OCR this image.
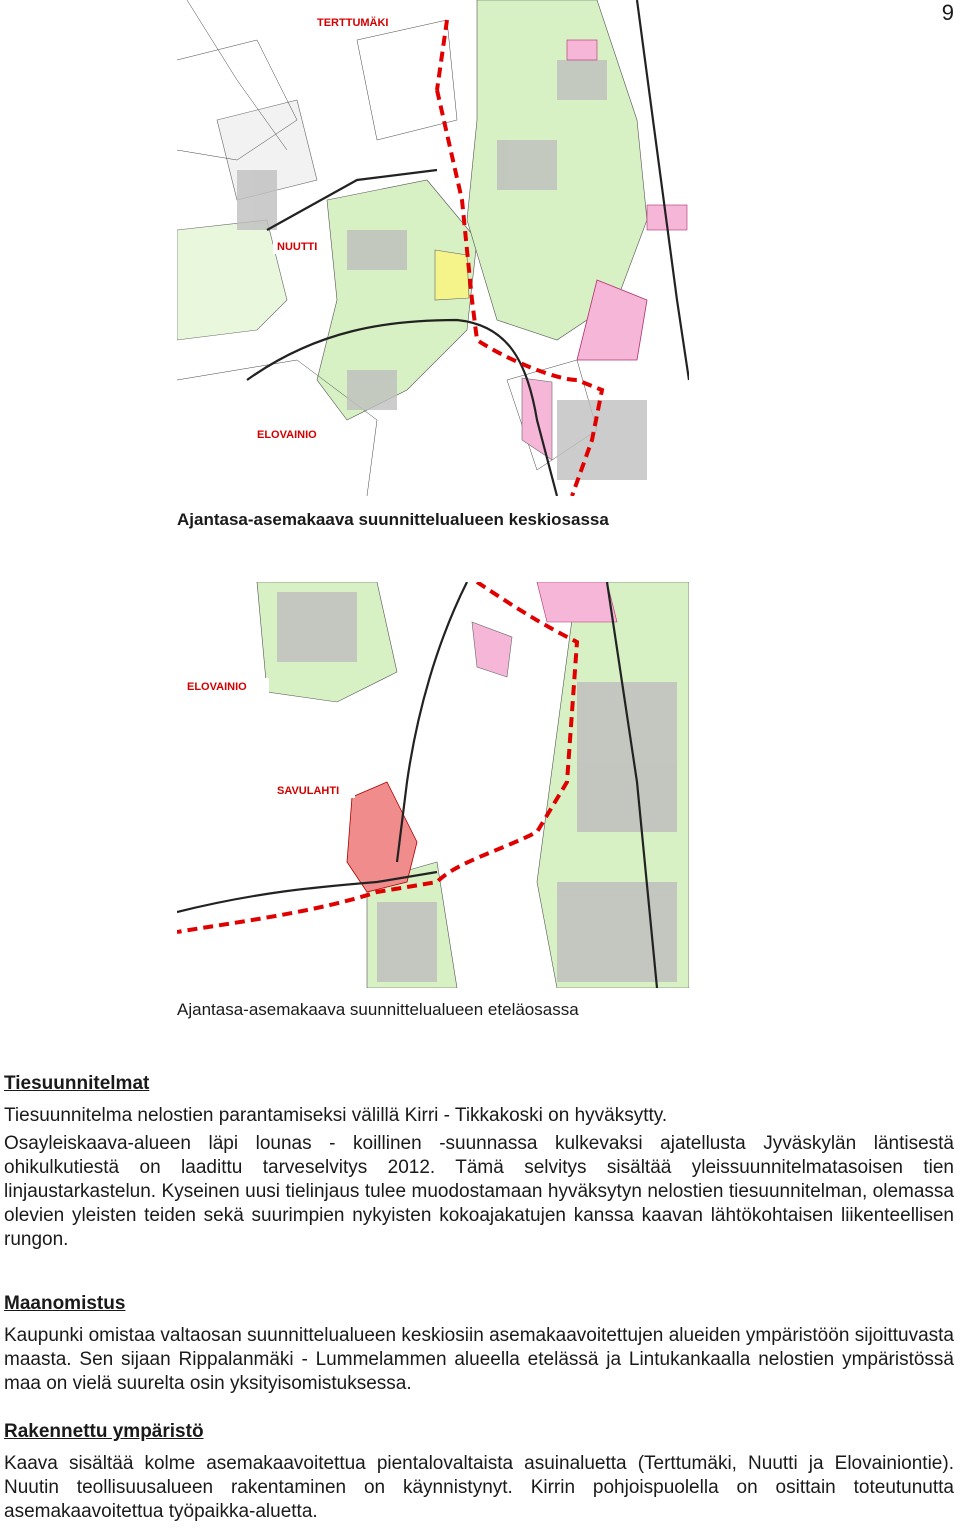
9
TERTTUMÄKI
NUUTTI
ELOVAINIO
Ajantasa-asemakaava suunnittelualueen keskiosassa
ELOVAINIO
SAVULAHTI
Ajantasa-asemakaava suunnittelualueen eteläosassa
Tiesuunnitelmat
Tiesuunnitelma nelostien parantamiseksi välillä Kirri - Tikkakoski on hyväksytty.
Osayleiskaava-alueen läpi lounas - koillinen -suunnassa kulkevaksi ajatellusta Jyväskylän läntisestä ohikulkutiestä on laadittu tarveselvitys 2012. Tämä selvitys sisältää yleissuunnitelmatasoisen tien linjaustarkastelun. Kyseinen uusi tielinjaus tulee muodostamaan hyväksytyn nelostien tiesuunnitelman, olemassa olevien yleisten teiden sekä suurimpien nykyisten kokoajakatujen kanssa kaavan lähtökohtaisen liikenteellisen rungon.
Maanomistus
Kaupunki omistaa valtaosan suunnittelualueen keskiosiin asemakaavoitettujen alueiden ympäristöön sijoittuvasta maasta. Sen sijaan Rippalanmäki - Lummelammen alueella etelässä ja Lintukankaalla nelostien ympäristössä maa on vielä suurelta osin yksityisomistuksessa.
Rakennettu ympäristö
Kaava sisältää kolme asemakaavoitettua pientalovaltaista asuinaluetta (Terttumäki, Nuutti ja Elovainiontie). Nuutin teollisuusalueen rakentaminen on käynnistynyt. Kirrin pohjoispuolella on osittain toteutunutta asemakaavoitettua työpaikka-aluetta.
